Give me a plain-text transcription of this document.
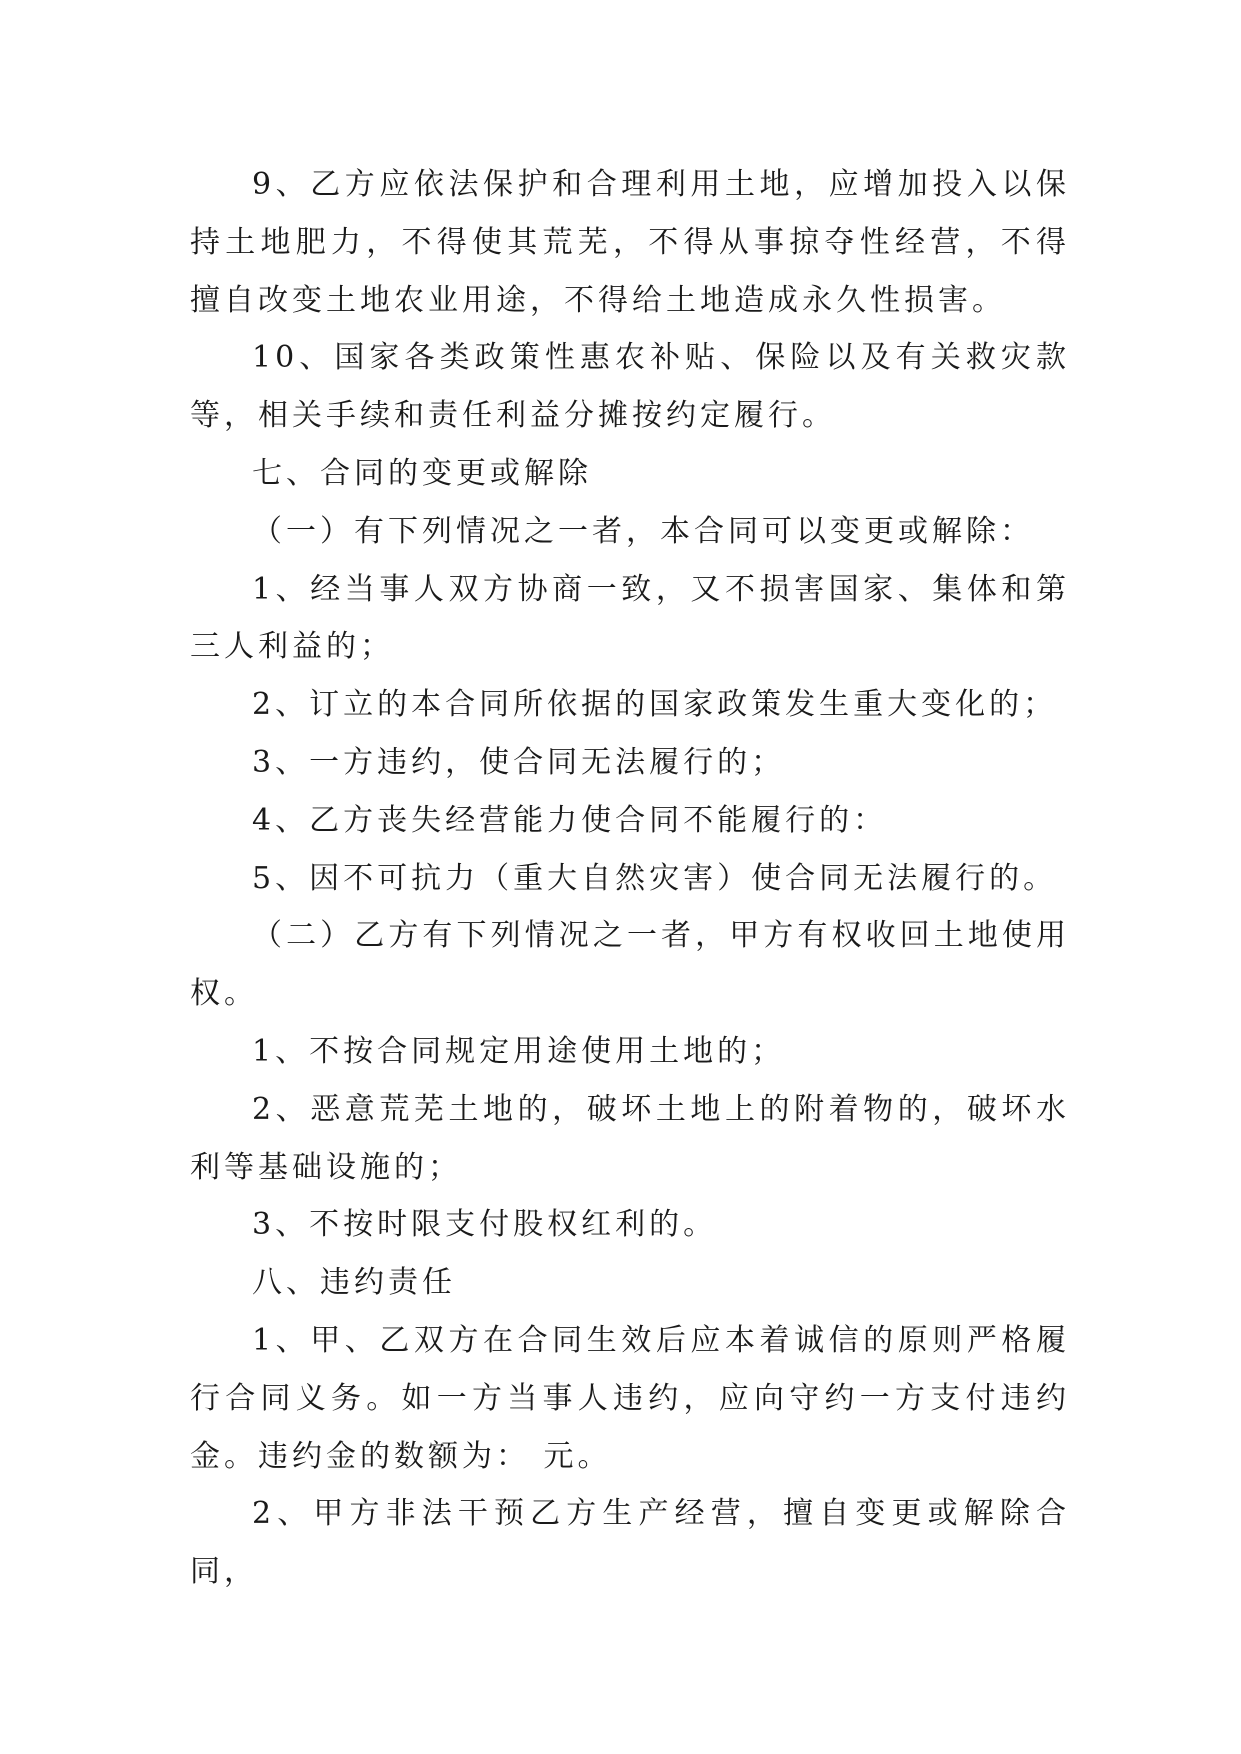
9、乙方应依法保护和合理利用土地，应增加投入以保持土地肥力，不得使其荒芜，不得从事掠夺性经营，不得擅自改变土地农业用途，不得给土地造成永久性损害。

10、国家各类政策性惠农补贴、保险以及有关救灾款等，相关手续和责任利益分摊按约定履行。

七、合同的变更或解除

（一）有下列情况之一者，本合同可以变更或解除：

1、经当事人双方协商一致，又不损害国家、集体和第三人利益的；

2、订立的本合同所依据的国家政策发生重大变化的；

3、一方违约，使合同无法履行的；

4、乙方丧失经营能力使合同不能履行的：

5、因不可抗力（重大自然灾害）使合同无法履行的。

（二）乙方有下列情况之一者，甲方有权收回土地使用权。

1、不按合同规定用途使用土地的；

2、恶意荒芜土地的，破坏土地上的附着物的，破坏水利等基础设施的；

3、不按时限支付股权红利的。

八、违约责任

1、甲、乙双方在合同生效后应本着诚信的原则严格履行合同义务。如一方当事人违约，应向守约一方支付违约金。违约金的数额为： 元。

2、甲方非法干预乙方生产经营，擅自变更或解除合同，
